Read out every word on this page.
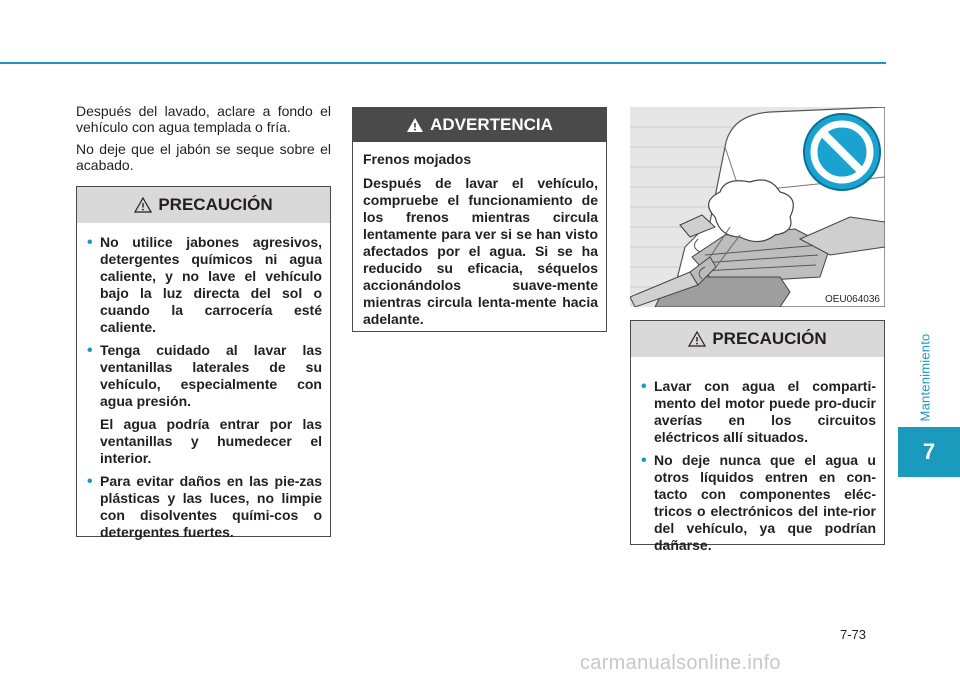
Mantenimiento
7

Después del lavado, aclare a fondo el vehículo con agua templada o fría.

No deje que el jabón se seque sobre el acabado.

PRECAUCIÓN
• No utilice jabones agresivos, detergentes químicos ni agua caliente, y no lave el vehículo bajo la luz directa del sol o cuando la carrocería esté caliente.
• Tenga cuidado al lavar las ventanillas laterales de su vehículo, especialmente con agua presión.

El agua podría entrar por las ventanillas y humedecer el interior.

• Para evitar daños en las pie-zas plásticas y las luces, no limpie con disolventes quími-cos o detergentes fuertes.
ADVERTENCIA

Frenos mojados

Después de lavar el vehículo, compruebe el funcionamiento de los frenos mientras circula lentamente para ver si se han visto afectados por el agua. Si se ha reducido su eficacia, séquelos accionándolos suave-mente mientras circula lenta-mente hacia adelante.

OEU064036
PRECAUCIÓN
• Lavar con agua el comparti-mento del motor puede pro-ducir averías en los circuitos eléctricos allí situados.
• No deje nunca que el agua u otros líquidos entren en con-tacto con componentes eléc-tricos o electrónicos del inte-rior del vehículo, ya que podrían dañarse.
7-73
carmanualsonline.info
